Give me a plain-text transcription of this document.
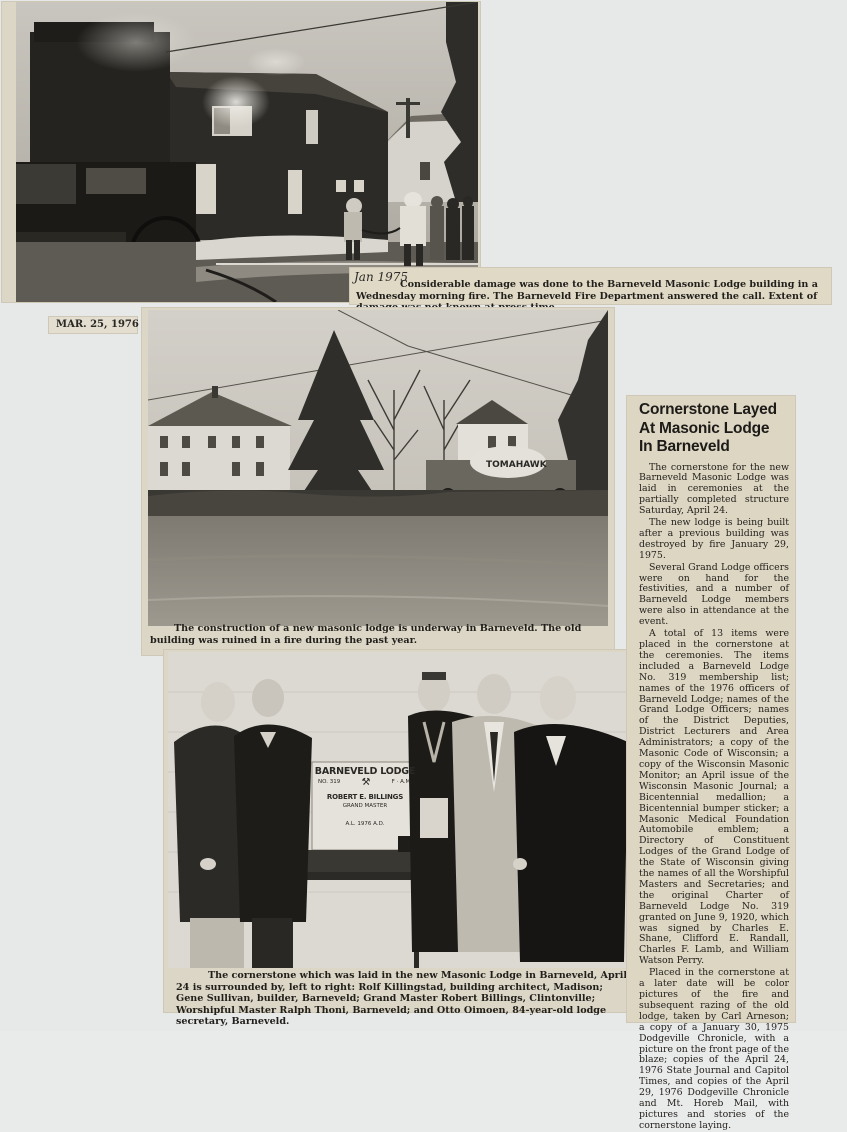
Jan 1975
Considerable damage was done to the Barneveld Masonic Lodge building in a Wednesday morning fire. The Barneveld Fire Department answered the call. Extent of
MAR. 25, 1976
TOMAHAWK
The construction of a new masonic lodge is underway in Barneveld. The old building was ruined in a fire during the past year.
BARNEVELD LODGE
NO. 319 ⚒	F · A.M.
ROBERT E. BILLINGS
GRAND MASTER
A.L. 1976 A.D.
The cornerstone which was laid in the new Masonic Lodge in Barneveld, April 24 is surrounded by, left to right: Rolf Killingstad, building architect, Madison; Gene Sullivan, builder, Barneveld; Grand Master Robert Billings, Clintonville; Worshipful Master Ralph Thoni, Barneveld; and Otto Oimoen, 84-year-old lodge secretary, Barneveld.
Cornerstone Layed
At Masonic Lodge
In Barneveld

The cornerstone for the new Barneveld Masonic Lodge was laid in ceremonies at the partially completed structure Saturday, April 24.

The new lodge is being built after a previous building was destroyed by fire January 29, 1975.

Several Grand Lodge officers were on hand for the festivities, and a number of Barneveld Lodge members were also in attendance at the event.

A total of 13 items were placed in the cornerstone at the ceremonies. The items included a Barneveld Lodge No. 319 membership list; names of the 1976 officers of Barneveld Lodge; names of the Grand Lodge Officers; names of the District Deputies, District Lecturers and Area Administrators; a copy of the Masonic Code of Wisconsin; a copy of the Wisconsin Masonic Monitor; an April issue of the Wisconsin Masonic Journal; a Bicentennial medallion; a Bicentennial bumper sticker; a Masonic Medical Foundation Automobile emblem; a Directory of Constituent Lodges of the Grand Lodge of the State of Wisconsin giving the names of all the Worshipful Masters and Secretaries; and the original Charter of Barneveld Lodge No. 319 granted on June 9, 1920, which was signed by Charles E. Shane, Clifford E. Randall, Charles F. Lamb, and William Watson Perry.

Placed in the cornerstone at a later date will be color pictures of the fire and subsequent razing of the old lodge, taken by Carl Arneson; a copy of a January 30, 1975 Dodgeville Chronicle, with a picture on the front page of the blaze; copies of the April 24, 1976 State Journal and Capitol Times, and copies of the April 29, 1976 Dodgeville Chronicle and Mt. Horeb Mail, with pictures and stories of the cornerstone laying.
